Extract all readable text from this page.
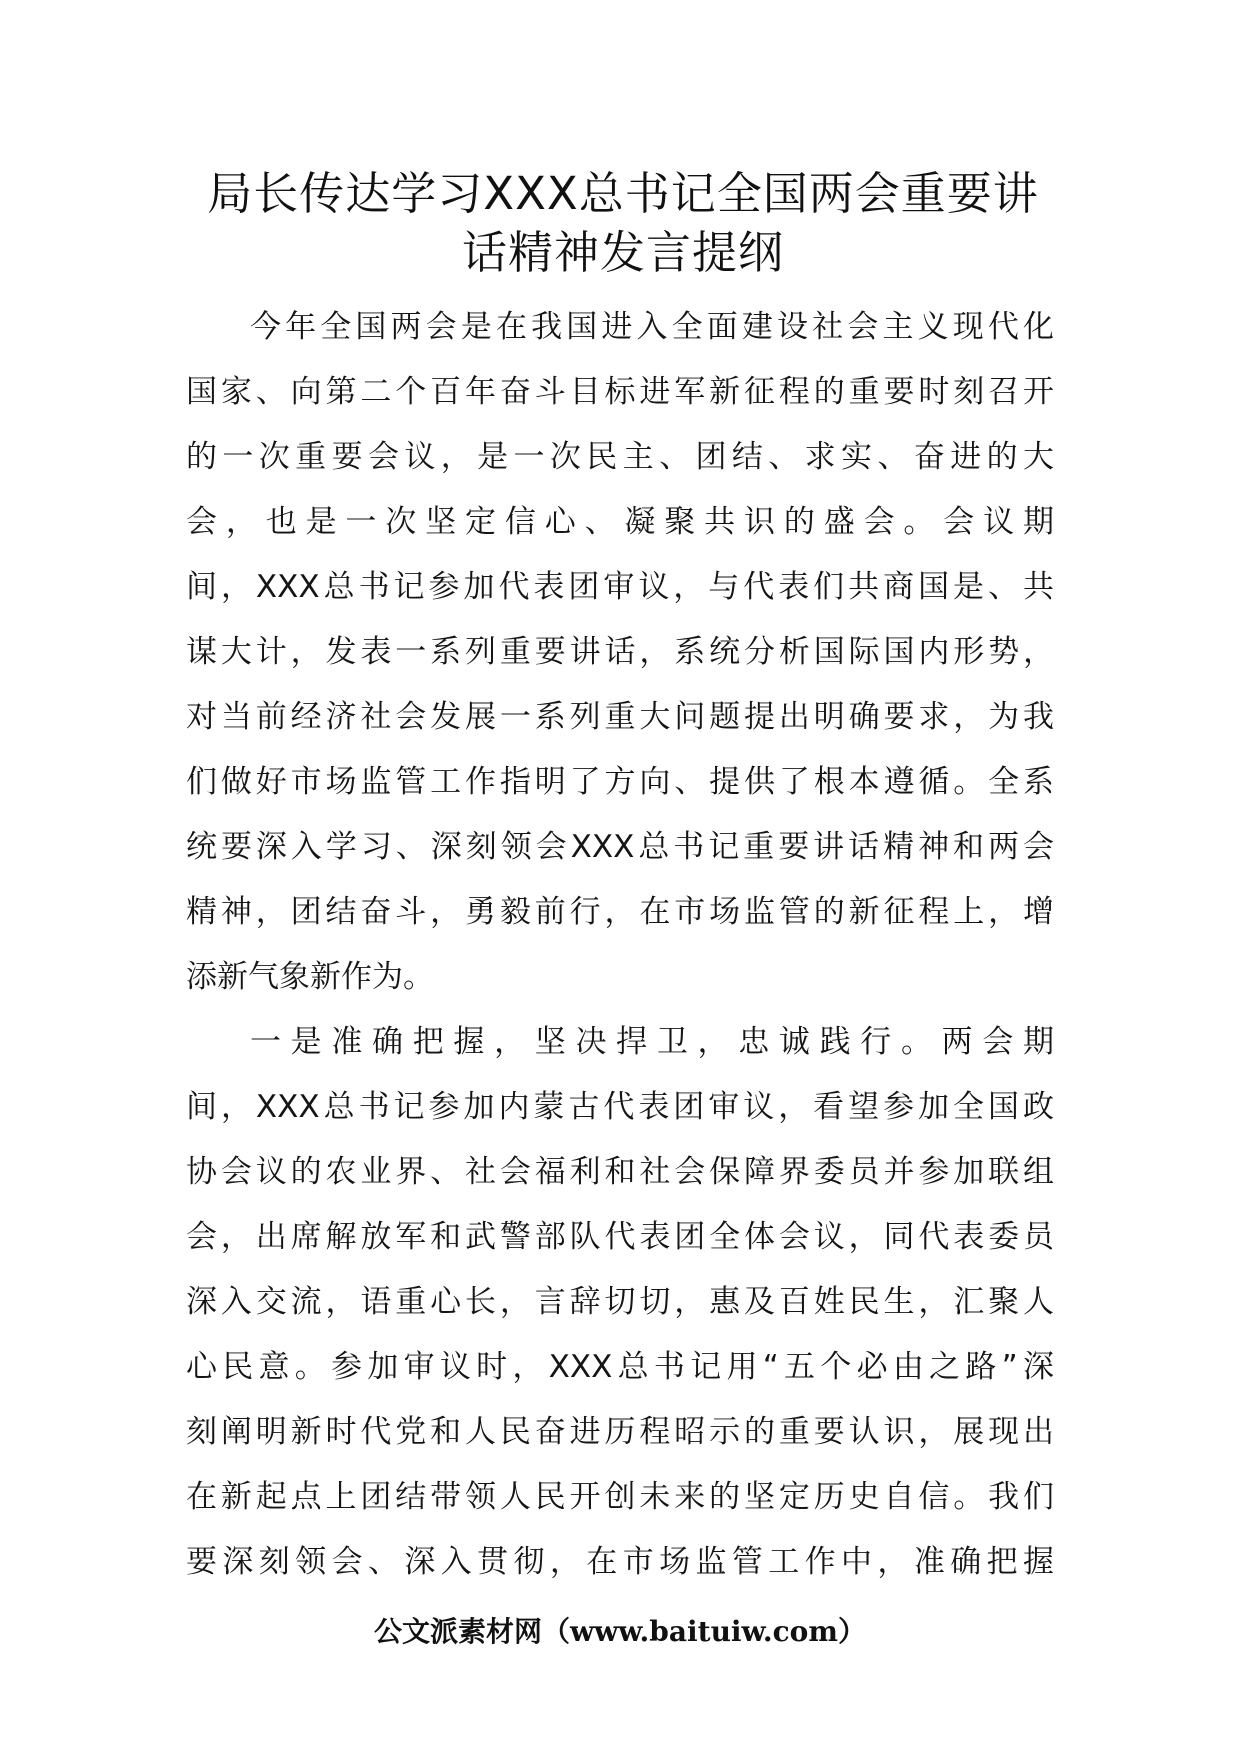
局长传达学习XXX总书记全国两会重要讲
话精神发言提纲
今年全国两会是在我国进入全面建设社会主义现代化
国家、向第二个百年奋斗目标进军新征程的重要时刻召开
的一次重要会议，是一次民主、团结、求实、奋进的大
会，也是一次坚定信心、凝聚共识的盛会。会议期
间，XXX总书记参加代表团审议，与代表们共商国是、共
谋大计，发表一系列重要讲话，系统分析国际国内形势，
对当前经济社会发展一系列重大问题提出明确要求，为我
们做好市场监管工作指明了方向、提供了根本遵循。全系
统要深入学习、深刻领会XXX总书记重要讲话精神和两会
精神，团结奋斗，勇毅前行，在市场监管的新征程上，增
添新气象新作为。
一是准确把握，坚决捍卫，忠诚践行。两会期
间，XXX总书记参加内蒙古代表团审议，看望参加全国政
协会议的农业界、社会福利和社会保障界委员并参加联组
会，出席解放军和武警部队代表团全体会议，同代表委员
深入交流，语重心长，言辞切切，惠及百姓民生，汇聚人
心民意。参加审议时，XXX总书记用“五个必由之路”深
刻阐明新时代党和人民奋进历程昭示的重要认识，展现出
在新起点上团结带领人民开创未来的坚定历史自信。我们
要深刻领会、深入贯彻，在市场监管工作中，准确把握
公文派素材网（www.baituiw.com）
